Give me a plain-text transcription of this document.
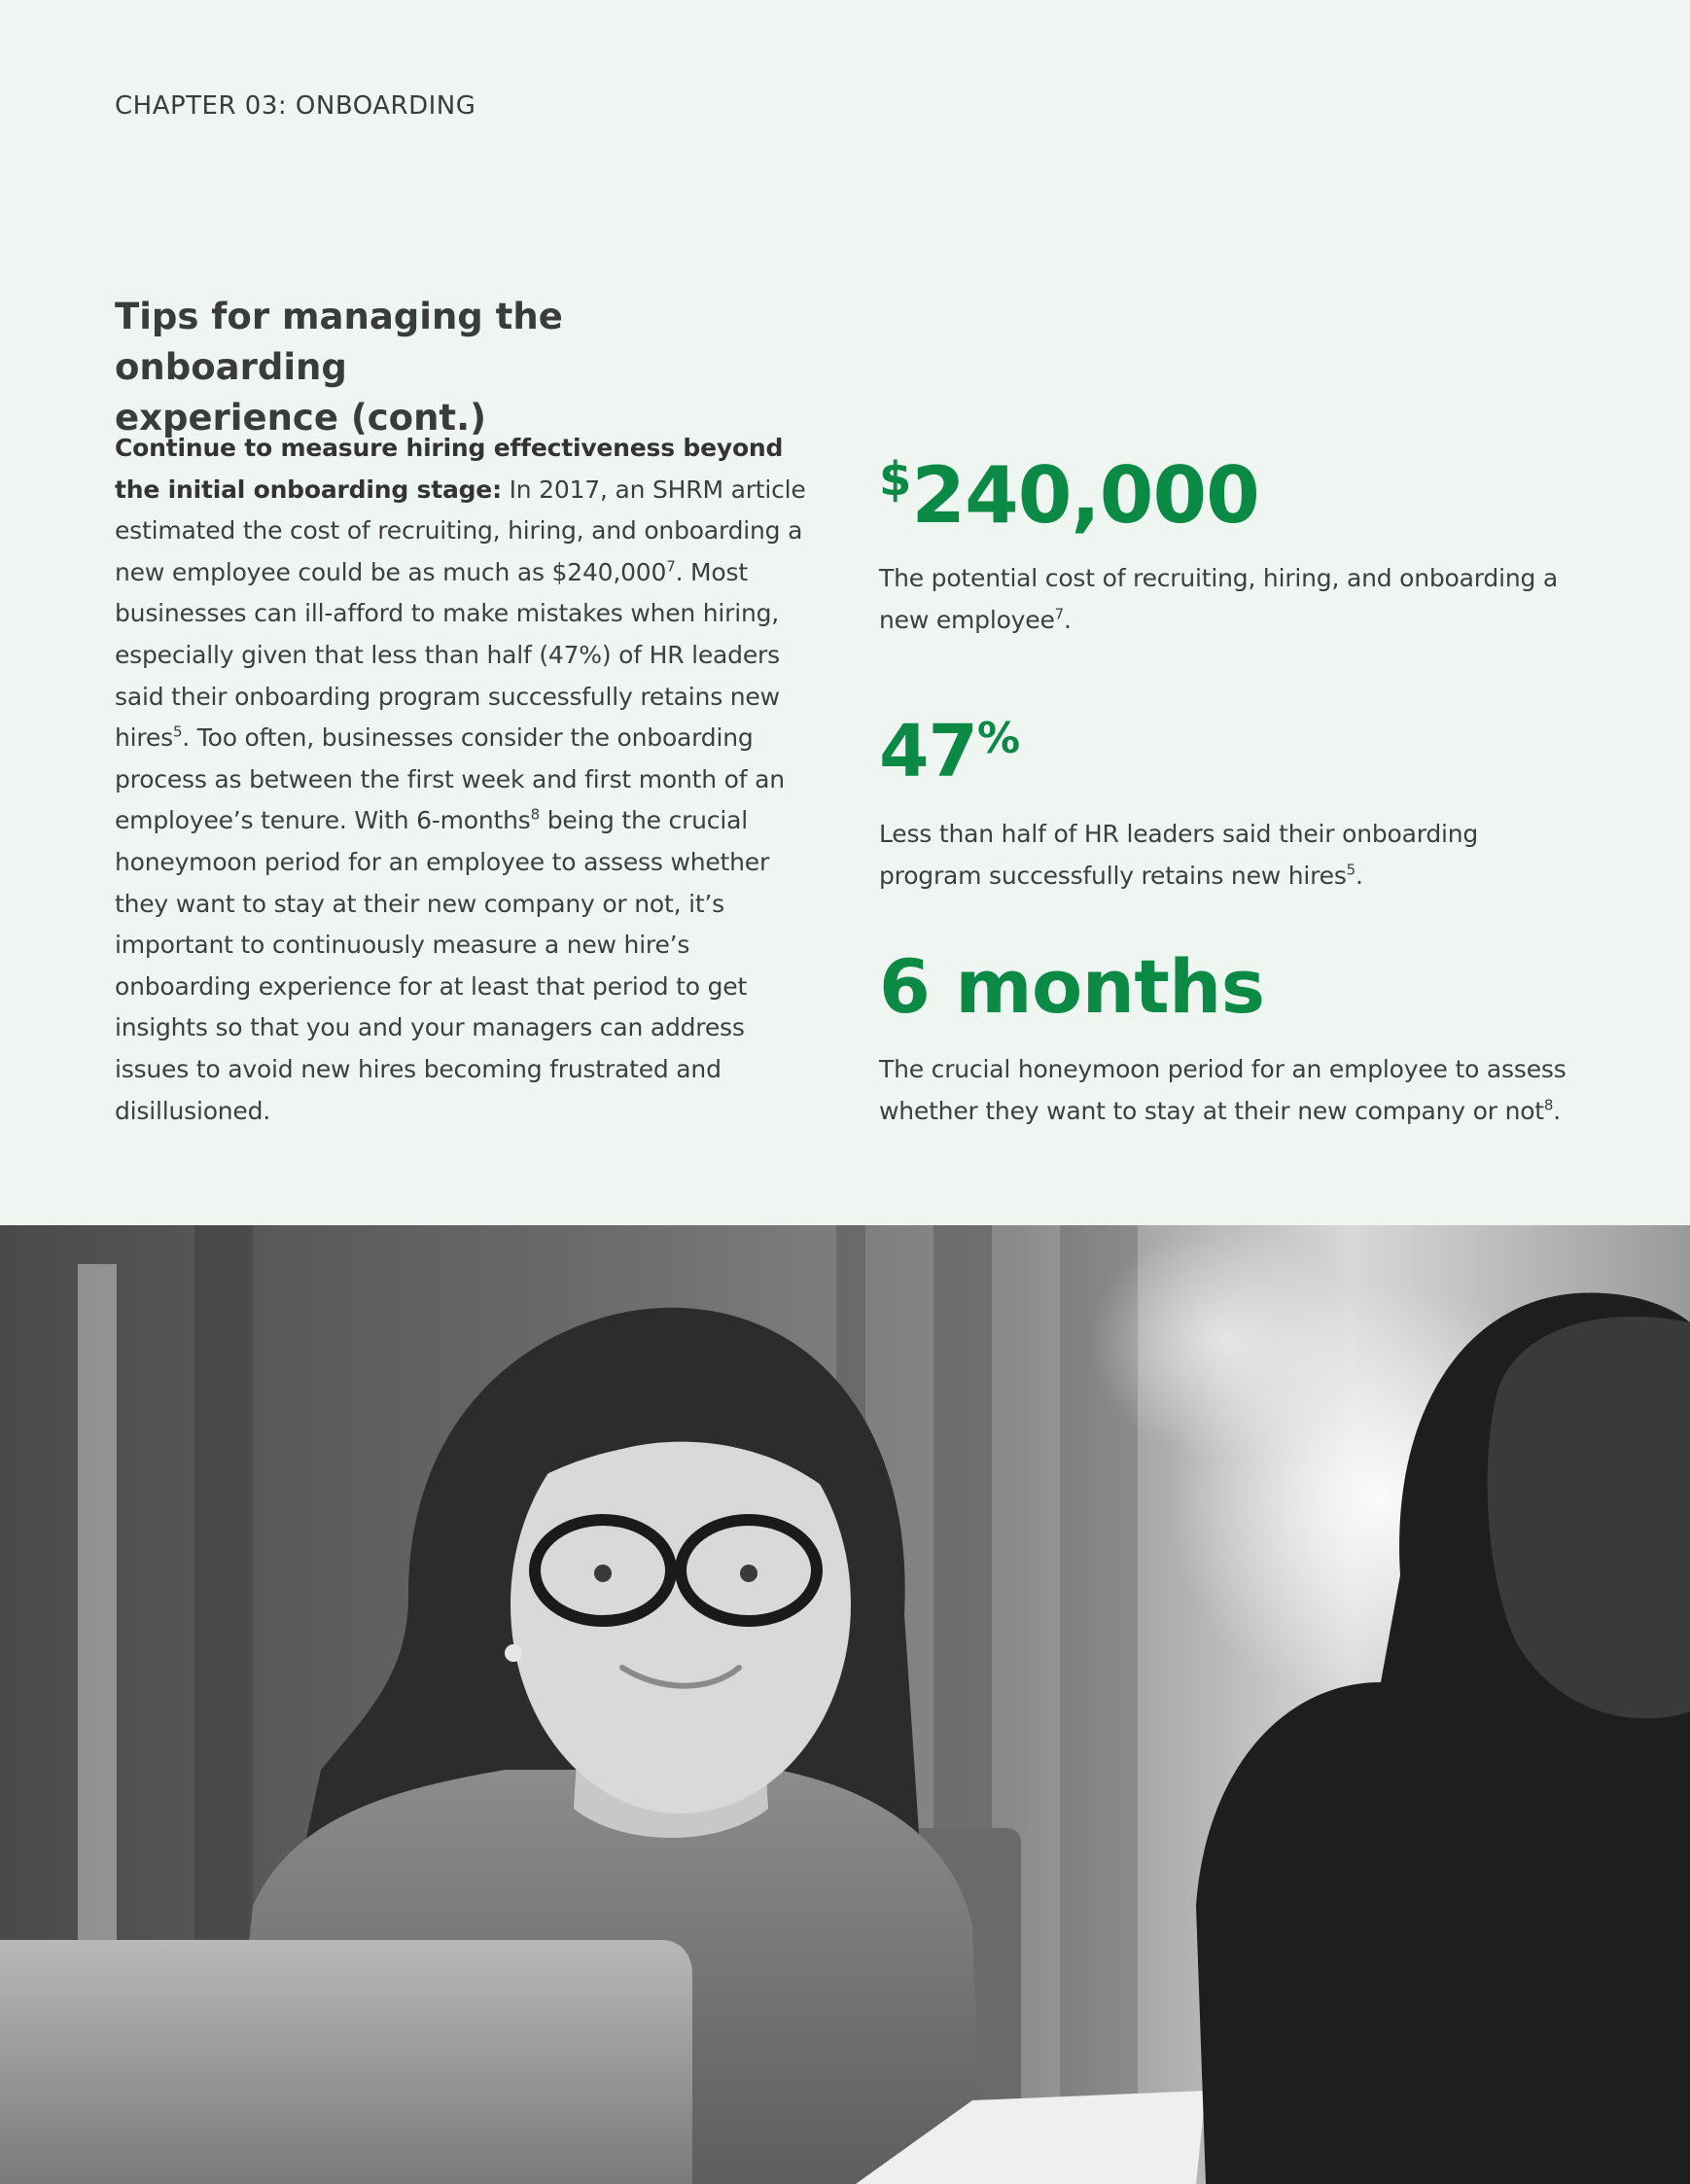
CHAPTER 03: ONBOARDING
Tips for managing the onboarding
experience (cont.)

Continue to measure hiring effectiveness beyond the initial onboarding stage: In 2017, an SHRM article estimated the cost of recruiting, hiring, and onboarding a new employee could be as much as $240,000$^7$. Most businesses can ill-afford to make mistakes when hiring, especially given that less than half (47%) of HR leaders said their onboarding program successfully retains new hires$^5$. Too often, businesses consider the onboarding process as between the first week and first month of an employee’s tenure. With 6-months$^8$ being the crucial honeymoon period for an employee to assess whether they want to stay at their new company or not, it’s important to continuously measure a new hire’s onboarding experience for at least that period to get insights so that you and your managers can address issues to avoid new hires becoming frustrated and disillusioned.

$240,000
The potential cost of recruiting, hiring, and onboarding a new employee$^7$.
47%
Less than half of HR leaders said their onboarding program successfully retains new hires$^5$.
6 months
The crucial honeymoon period for an employee to assess whether they want to stay at their new company or not$^8$.
